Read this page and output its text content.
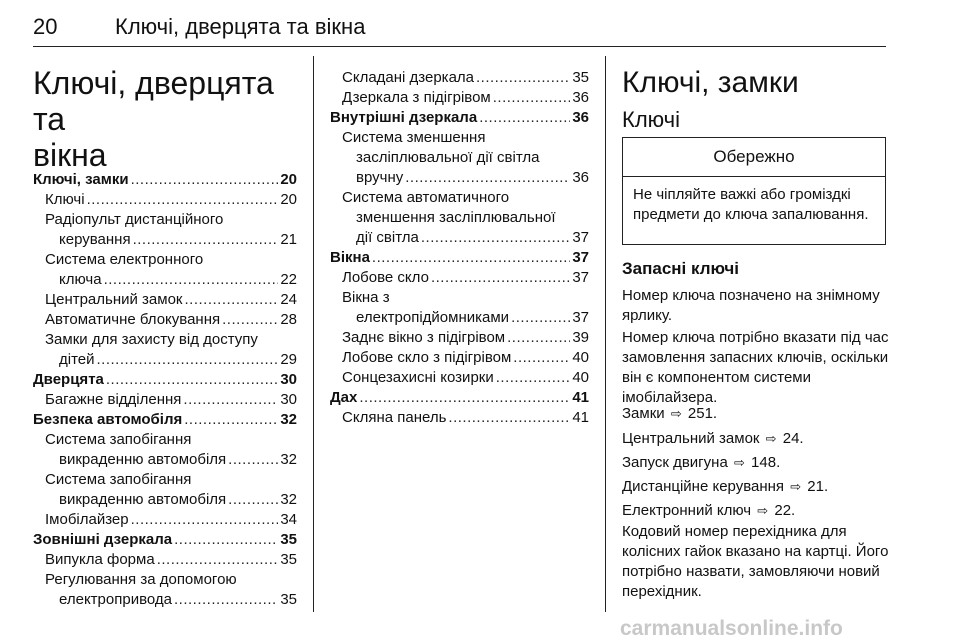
20	Ключі, дверцята та вікна
Ключі, дверцята та
вікна
Ключі, замки .....	20
Ключі .....	20
Радіопульт дистанційного
керування .....	21
Система електронного
ключа .....	22
Центральний замок .....	24
Автоматичне блокування .....	28
Замки для захисту від доступу
дітей .....	29
Дверцята .....	30
Багажне відділення .....	30
Безпека автомобіля .....	32
Система запобігання
викраденню автомобіля .....	32
Система запобігання
викраденню автомобіля .....	32
Імобілайзер .....	34
Зовнішні дзеркала .....	35
Випукла форма .....	35
Регулювання за допомогою
електропривода .....	35
Складані дзеркала .....	35
Дзеркала з підігрівом .....	36
Внутрішні дзеркала .....	36
Система зменшення
засліплювальної дії світла
вручну .....	36
Система автоматичного
зменшення засліплювальної
дії світла .....	37
Вікна .....	37
Лобове скло .....	37
Вікна з
електропідйомниками .....	37
Заднє вікно з підігрівом .....	39
Лобове скло з підігрівом .....	40
Сонцезахисні козирки .....	40
Дах .....	41
Скляна панель .....	41
Ключі, замки
Ключі
Обережно
Не чіпляйте важкі або громіздкі предмети до ключа запалювання.
Запасні ключі

Номер ключа позначено на знімному ярлику.

Номер ключа потрібно вказати під час замовлення запасних ключів, оскільки він є компонентом системи імобілайзера.

Замки ⇨ 251.

Центральний замок ⇨ 24.

Запуск двигуна ⇨ 148.

Дистанційне керування ⇨ 21.

Електронний ключ ⇨ 22.

Кодовий номер перехідника для колісних гайок вказано на картці. Його потрібно назвати, замовляючи новий перехідник.

carmanualsonline.info
